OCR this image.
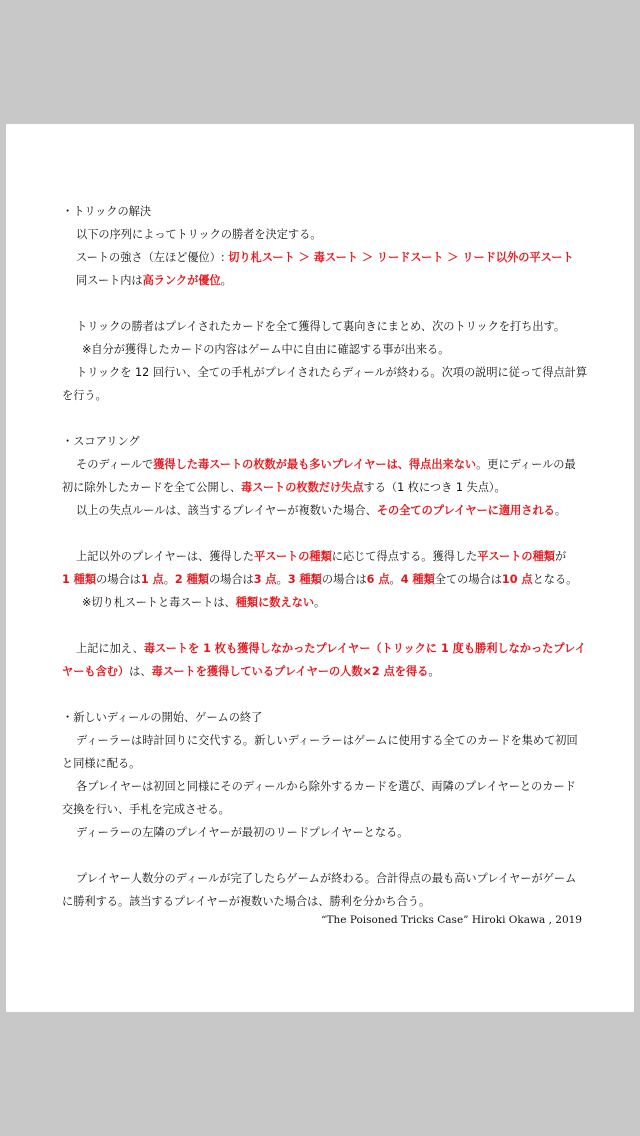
・トリックの解決

以下の序列によってトリックの勝者を決定する。

スートの強さ（左ほど優位）: 切り札スート ＞ 毒スート ＞ リードスート ＞ リード以外の平スート

同スート内は高ランクが優位。

トリックの勝者はプレイされたカードを全て獲得して裏向きにまとめ、次のトリックを打ち出す。

※自分が獲得したカードの内容はゲーム中に自由に確認する事が出来る。

トリックを 12 回行い、全ての手札がプレイされたらディールが終わる。次項の説明に従って得点計算

を行う。

・スコアリング

そのディールで獲得した毒スートの枚数が最も多いプレイヤーは、得点出来ない。更にディールの最

初に除外したカードを全て公開し、毒スートの枚数だけ失点する（1 枚につき 1 失点）。

以上の失点ルールは、該当するプレイヤーが複数いた場合、その全てのプレイヤーに適用される。

上記以外のプレイヤーは、獲得した平スートの種類に応じて得点する。獲得した平スートの種類が

1 種類の場合は1 点。2 種類の場合は3 点。3 種類の場合は6 点。4 種類全ての場合は10 点となる。

※切り札スートと毒スートは、種類に数えない。

上記に加え、毒スートを 1 枚も獲得しなかったプレイヤー（トリックに 1 度も勝利しなかったプレイ

ヤーも含む）は、毒スートを獲得しているプレイヤーの人数×2 点を得る。

・新しいディールの開始、ゲームの終了

ディーラーは時計回りに交代する。新しいディーラーはゲームに使用する全てのカードを集めて初回

と同様に配る。

各プレイヤーは初回と同様にそのディールから除外するカードを選び、両隣のプレイヤーとのカード

交換を行い、手札を完成させる。

ディーラーの左隣のプレイヤーが最初のリードプレイヤーとなる。

プレイヤー人数分のディールが完了したらゲームが終わる。合計得点の最も高いプレイヤーがゲーム

に勝利する。該当するプレイヤーが複数いた場合は、勝利を分かち合う。

“The Poisoned Tricks Case” Hiroki Okawa , 2019
